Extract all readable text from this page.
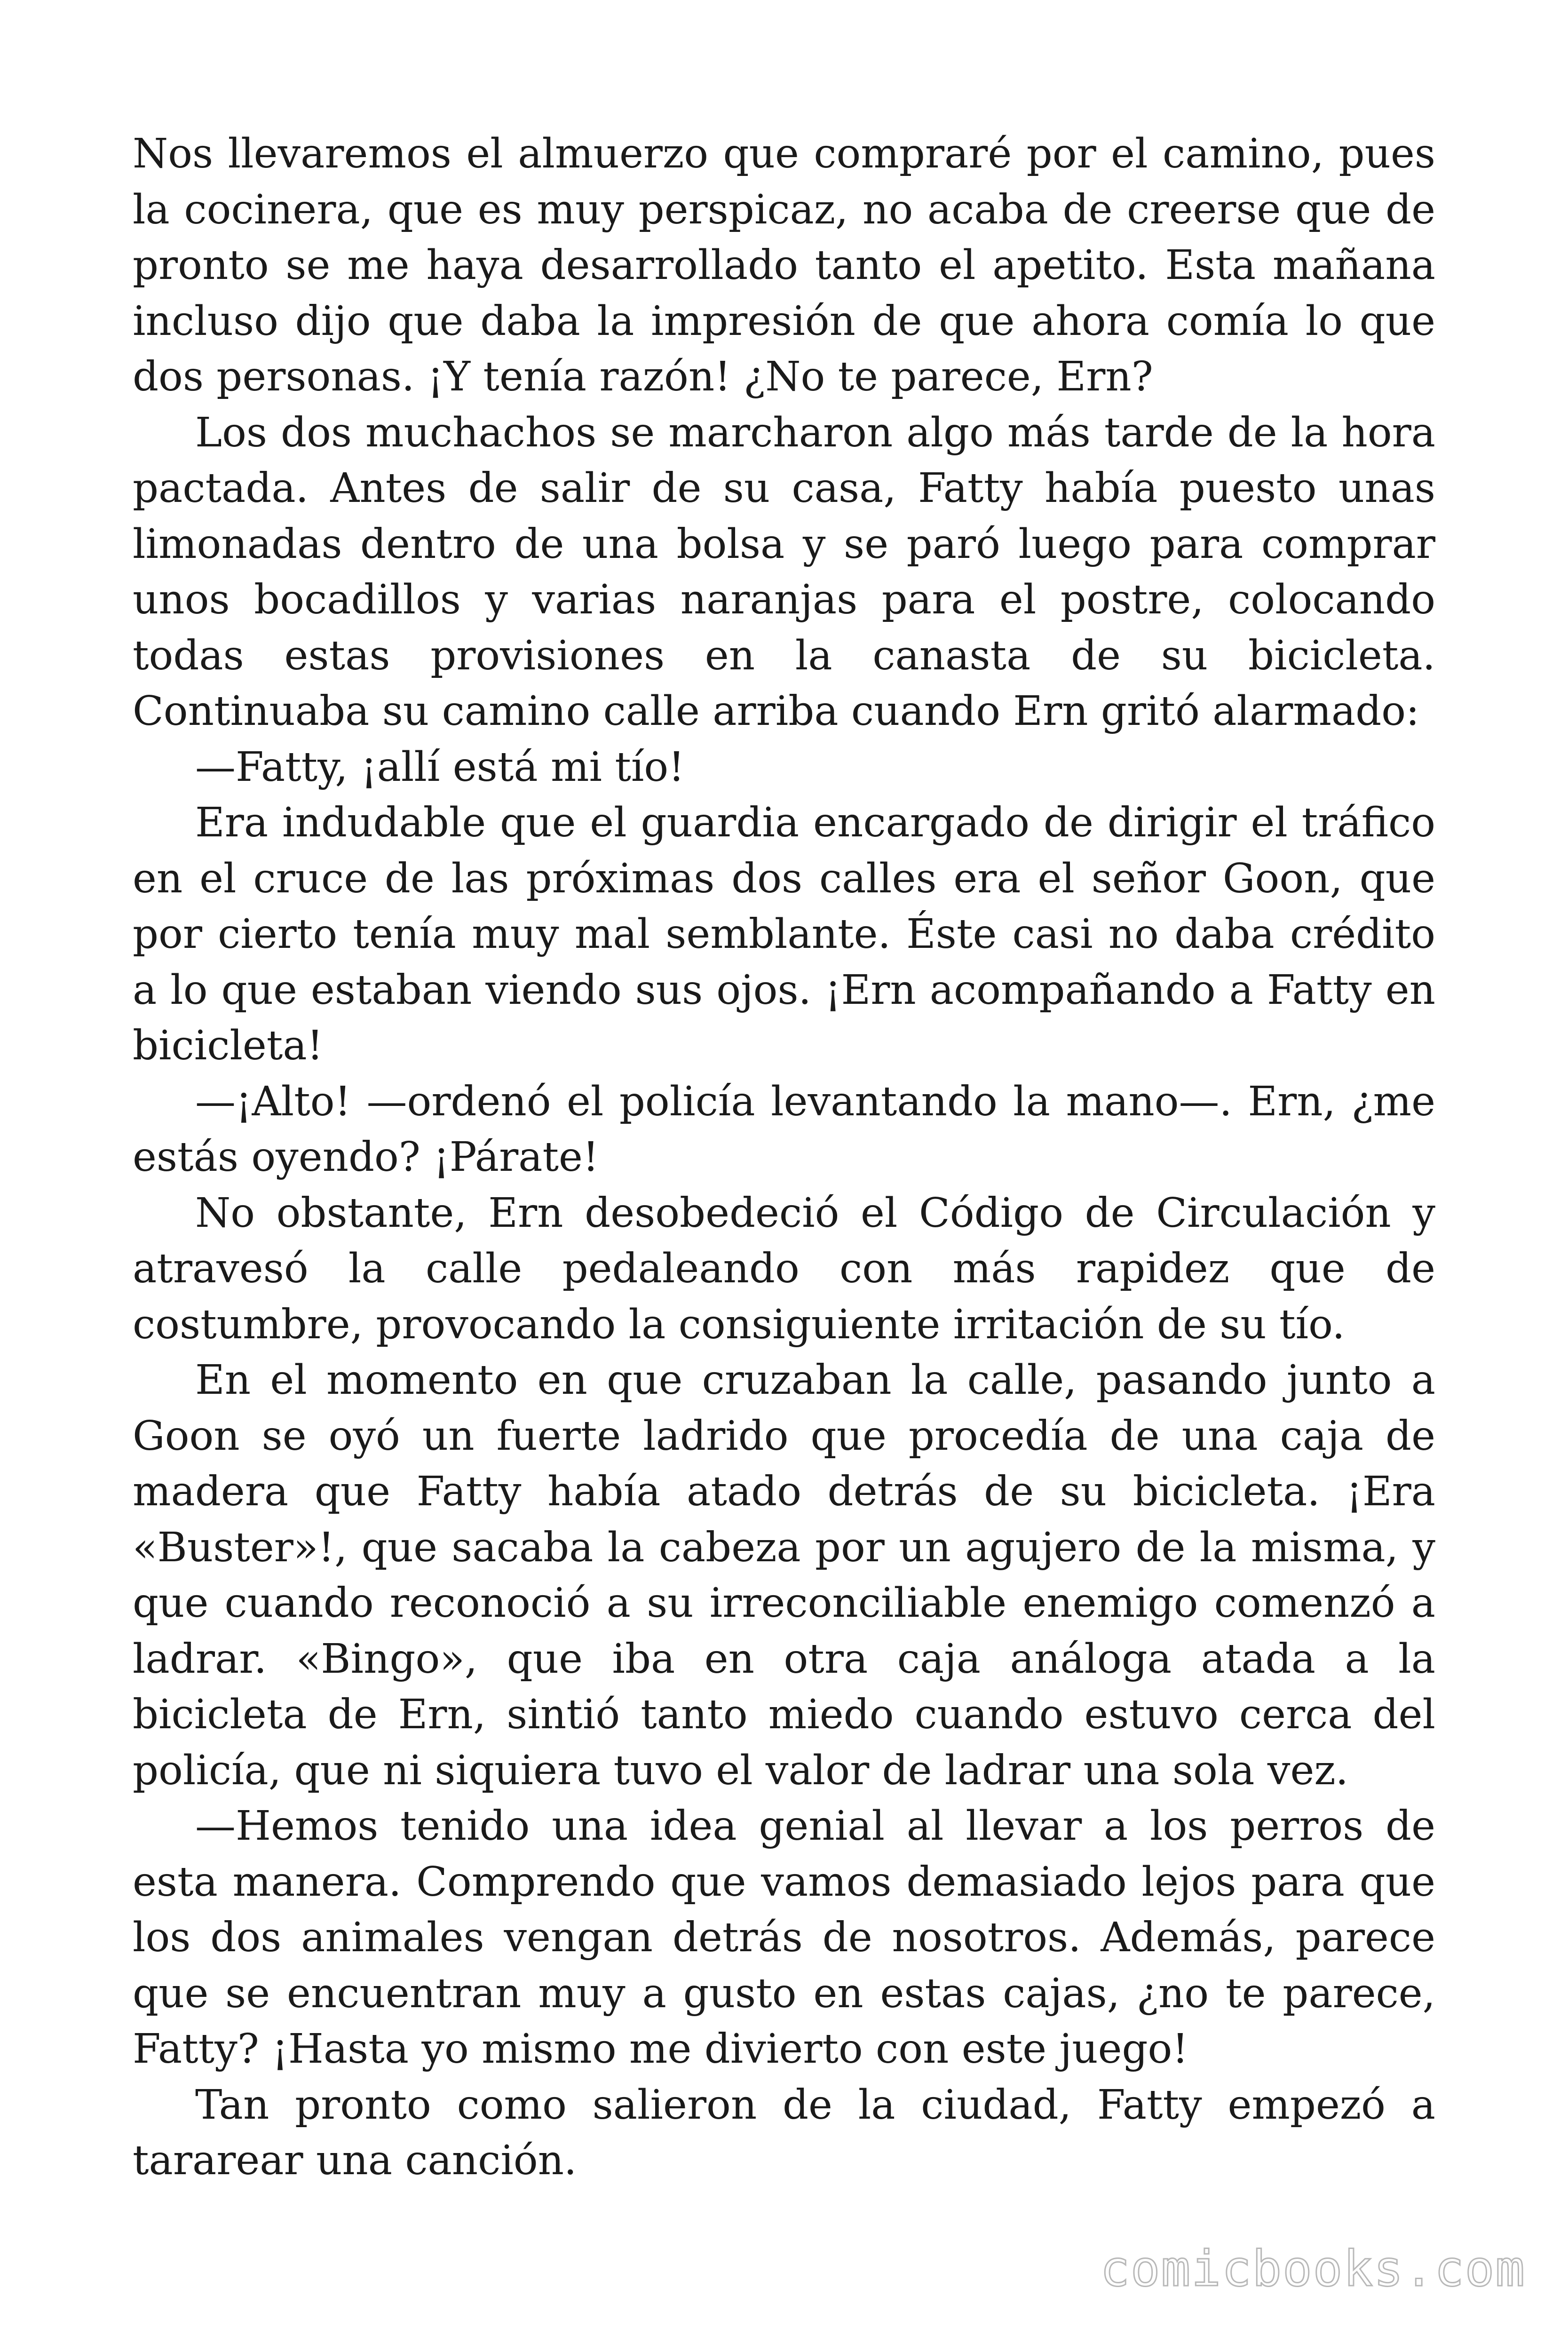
Nos llevaremos el almuerzo que compraré por el camino, pues la cocinera, que es muy perspicaz, no acaba de creerse que de pronto se me haya desarrollado tanto el apetito. Esta mañana incluso dijo que daba la impresión de que ahora comía lo que dos personas. ¡Y tenía razón! ¿No te parece, Ern?

Los dos muchachos se marcharon algo más tarde de la hora pactada. Antes de salir de su casa, Fatty había puesto unas limonadas dentro de una bolsa y se paró luego para comprar unos bocadillos y varias naranjas para el postre, colocando todas estas provisiones en la canasta de su bicicleta. Continuaba su camino calle arriba cuando Ern gritó alarmado:

—Fatty, ¡allí está mi tío!

Era indudable que el guardia encargado de dirigir el tráfico en el cruce de las próximas dos calles era el señor Goon, que por cierto tenía muy mal semblante. Éste casi no daba crédito a lo que estaban viendo sus ojos. ¡Ern acompañando a Fatty en bicicleta!

—¡Alto! —ordenó el policía levantando la mano—. Ern, ¿me estás oyendo? ¡Párate!

No obstante, Ern desobedeció el Código de Circulación y atravesó la calle pedaleando con más rapidez que de costumbre, provocando la consiguiente irritación de su tío.

En el momento en que cruzaban la calle, pasando junto a Goon se oyó un fuerte ladrido que procedía de una caja de madera que Fatty había atado detrás de su bicicleta. ¡Era «Buster»!, que sacaba la cabeza por un agujero de la misma, y que cuando reconoció a su irreconciliable enemigo comenzó a ladrar. «Bingo», que iba en otra caja análoga atada a la bicicleta de Ern, sintió tanto miedo cuando estuvo cerca del policía, que ni siquiera tuvo el valor de ladrar una sola vez.

—Hemos tenido una idea genial al llevar a los perros de esta manera. Comprendo que vamos demasiado lejos para que los dos animales vengan detrás de nosotros. Además, parece que se encuentran muy a gusto en estas cajas, ¿no te parece, Fatty? ¡Hasta yo mismo me divierto con este juego!

Tan pronto como salieron de la ciudad, Fatty empezó a tararear una canción.

comicbooks.com
